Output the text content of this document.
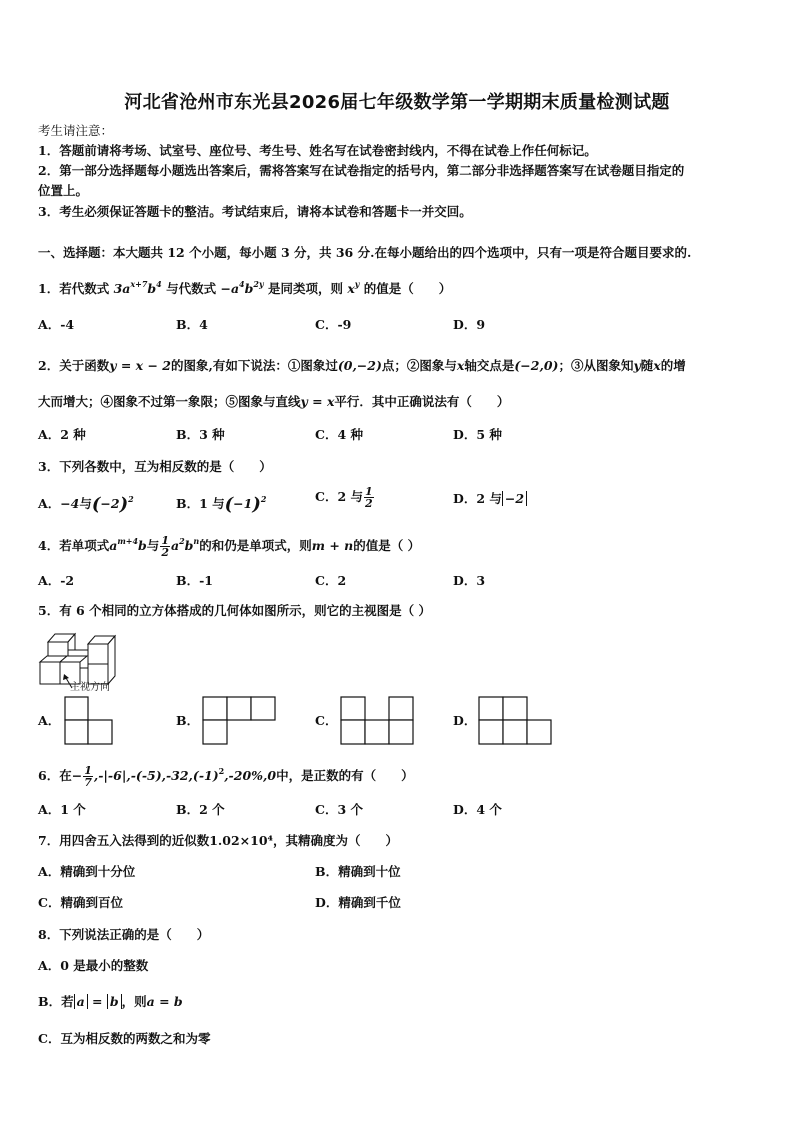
河北省沧州市东光县2026届七年级数学第一学期期末质量检测试题
考生请注意：
1．答题前请将考场、试室号、座位号、考生号、姓名写在试卷密封线内，不得在试卷上作任何标记。
2．第一部分选择题每小题选出答案后，需将答案写在试卷指定的括号内，第二部分非选择题答案写在试卷题目指定的
位置上。
3．考生必须保证答题卡的整洁。考试结束后，请将本试卷和答题卡一并交回。
一、选择题：本大题共 12 个小题，每小题 3 分，共 36 分.在每小题给出的四个选项中，只有一项是符合题目要求的.
1．若代数式 $3a^{x+7}b^4$ 与代数式 $-a^4b^{2y}$ 是同类项，则 $x^y$ 的值是（　　）
A．-4	B．4	C．-9	D．9
2．关于函数y = x − 2的图象,有如下说法：①图象过(0,−2)点；②图象与x轴交点是(−2,0)；③从图象知y随x的增
大而增大；④图象不过第一象限；⑤图象与直线y = x平行．其中正确说法有（　　）
A．2 种	B．3 种	C．4 种	D．5 种
3．下列各数中，互为相反数的是（　　）
A．−4与$(-2)^2$	B．1 与$(-1)^2$	C．2 与 $\frac{1}{2}$	D．2 与 −2
4．若单项式$a^{m+4}b$与 $\frac{1}{2} a^2b^n$的和仍是单项式，则m + n的值是（ ）
A．-2	B．-1	C．2	D．3
5．有 6 个相同的立方体搭成的几何体如图所示，则它的主视图是（ ）
主视方向
A．	B．	C．	D．
6．在− $\frac{1}{7} ,-|-6|,-(-5),-32,(-1)^2,-20\%,0$中，是正数的有（　　）
A．1 个	B．2 个	C．3 个	D．4 个
7．用四舍五入法得到的近似数1.02×10⁴，其精确度为（　　）
A．精确到十分位	B．精确到十位
C．精确到百位	D．精确到千位
8．下列说法正确的是（　　）
A．0 是最小的整数
B．若 a = b ，则a = b
C．互为相反数的两数之和为零
